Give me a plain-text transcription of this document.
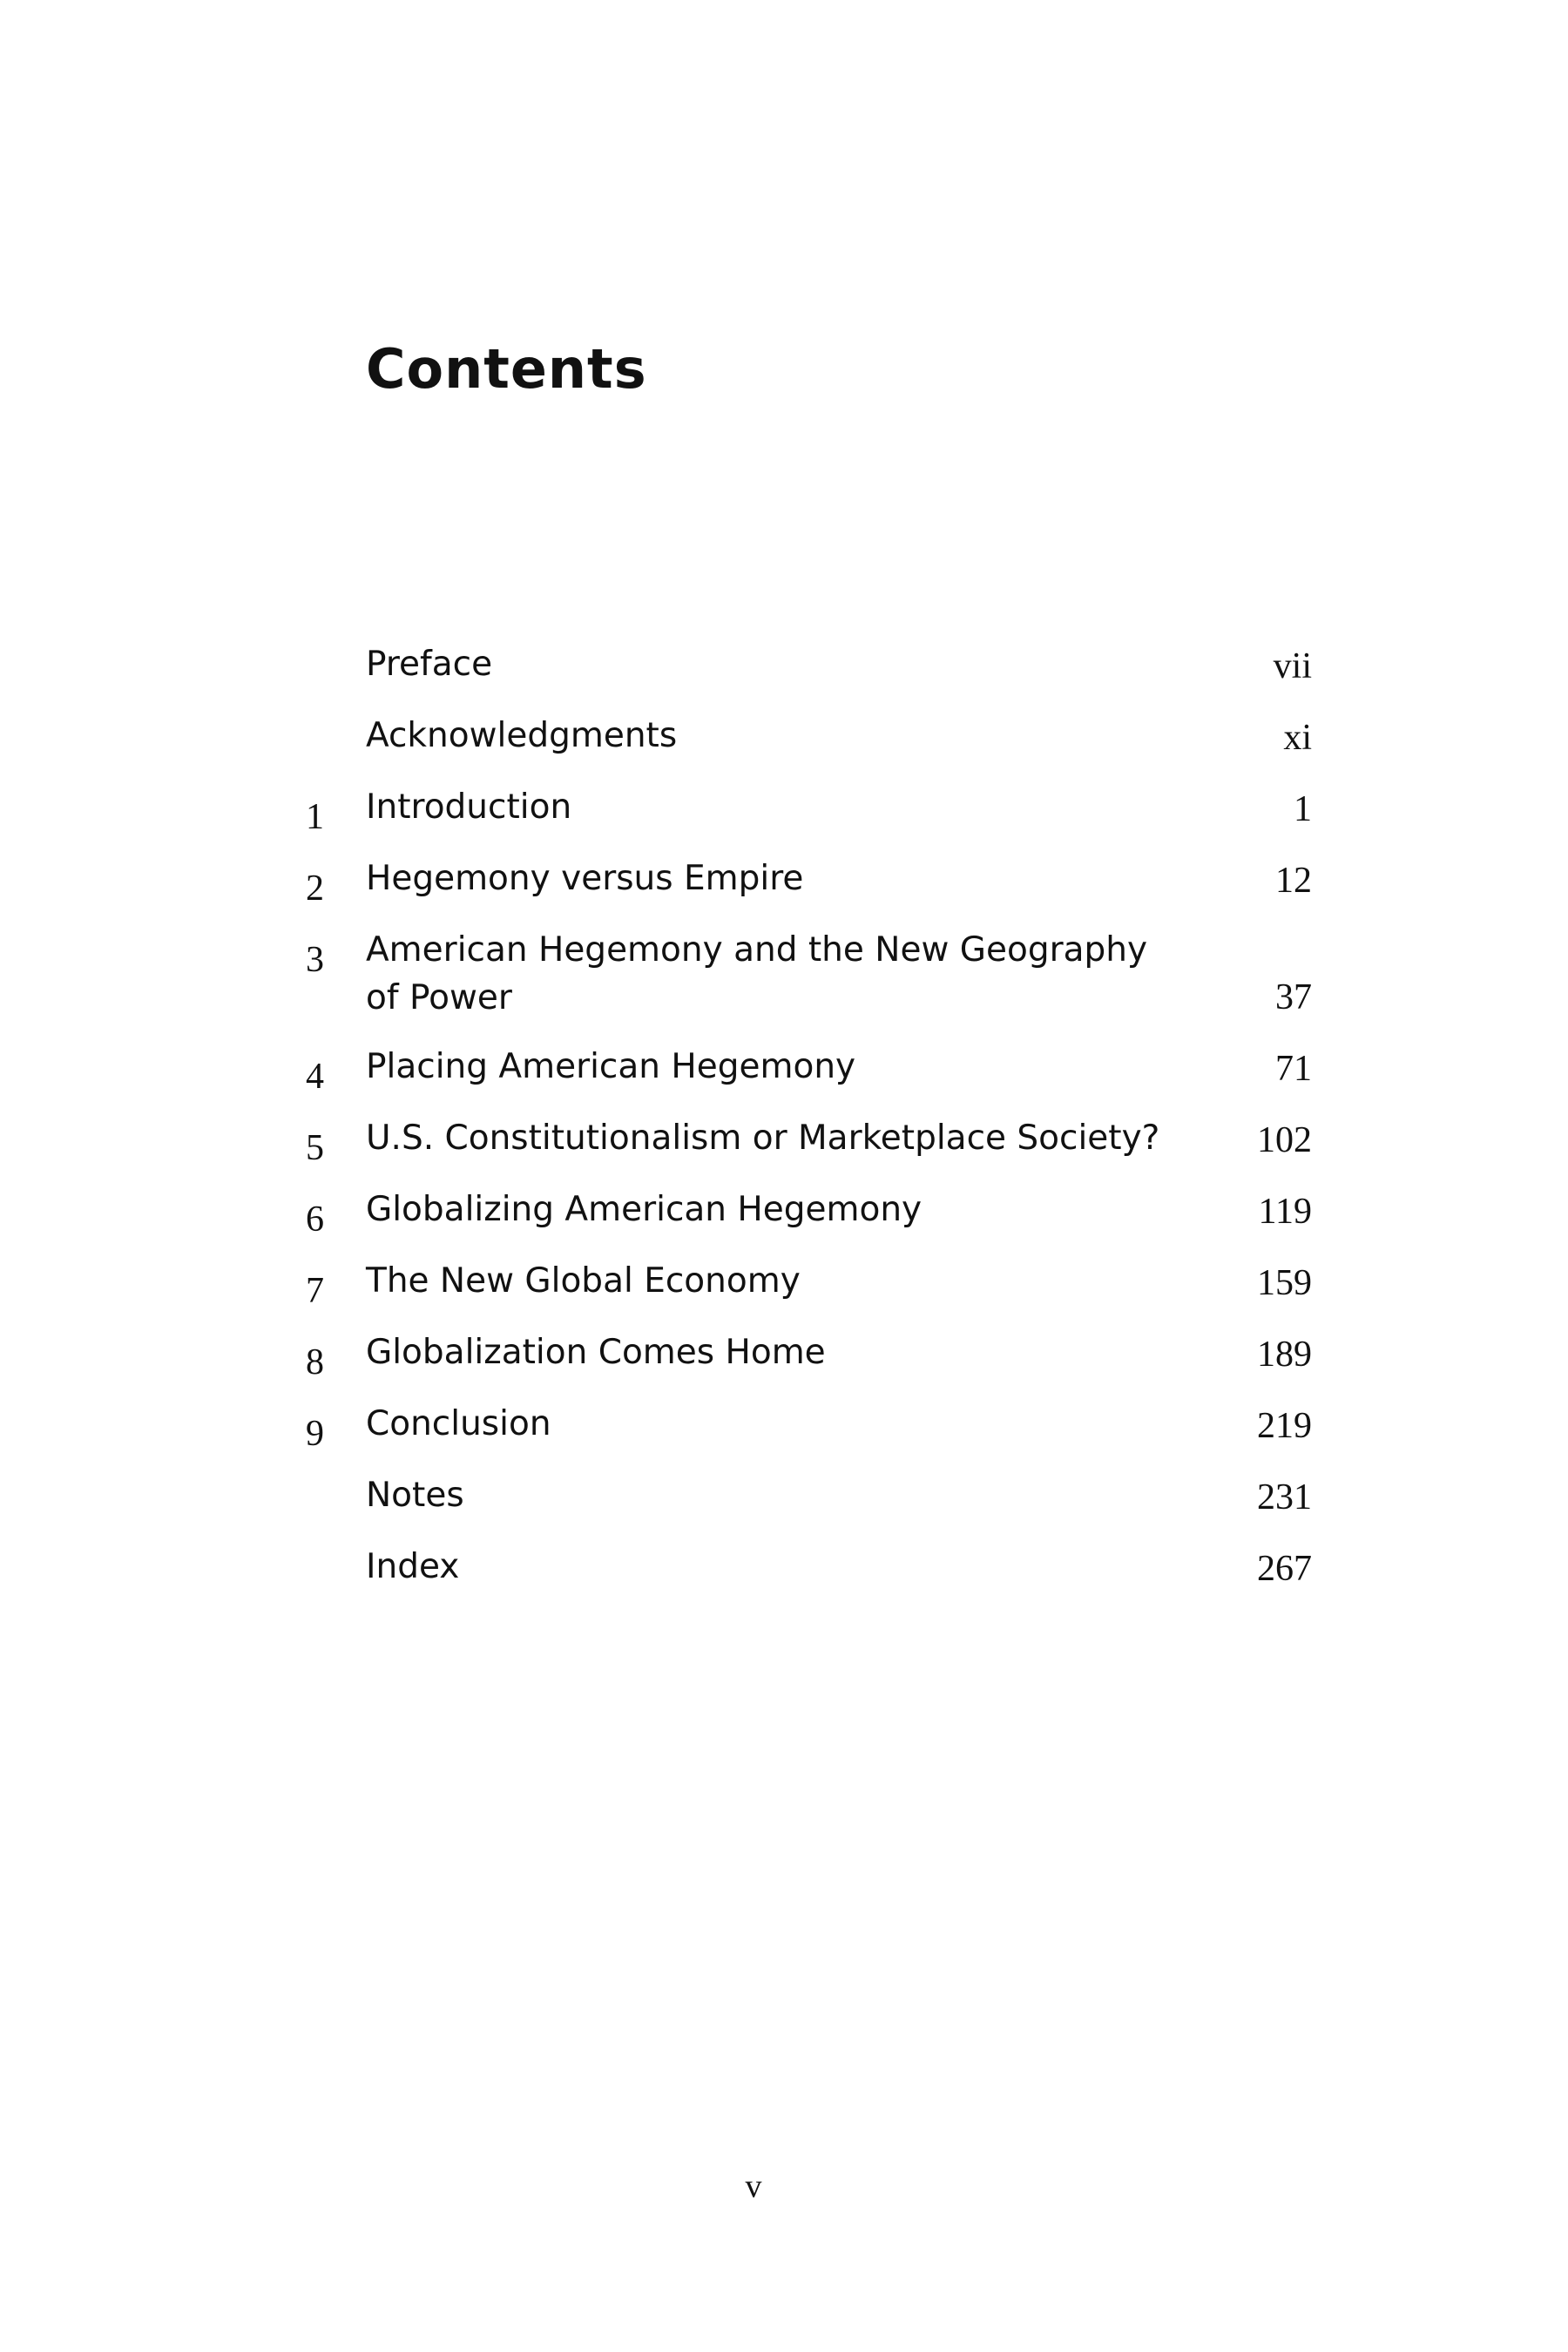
Contents
Preface	vii
Acknowledgments	xi
1 Introduction	1
2 Hegemony versus Empire	12
3 American Hegemony and the New Geography of Power	37
4 Placing American Hegemony	71
5 U.S. Constitutionalism or Marketplace Society?	102
6 Globalizing American Hegemony	119
7 The New Global Economy	159
8 Globalization Comes Home	189
9 Conclusion	219
Notes	231
Index	267
v
